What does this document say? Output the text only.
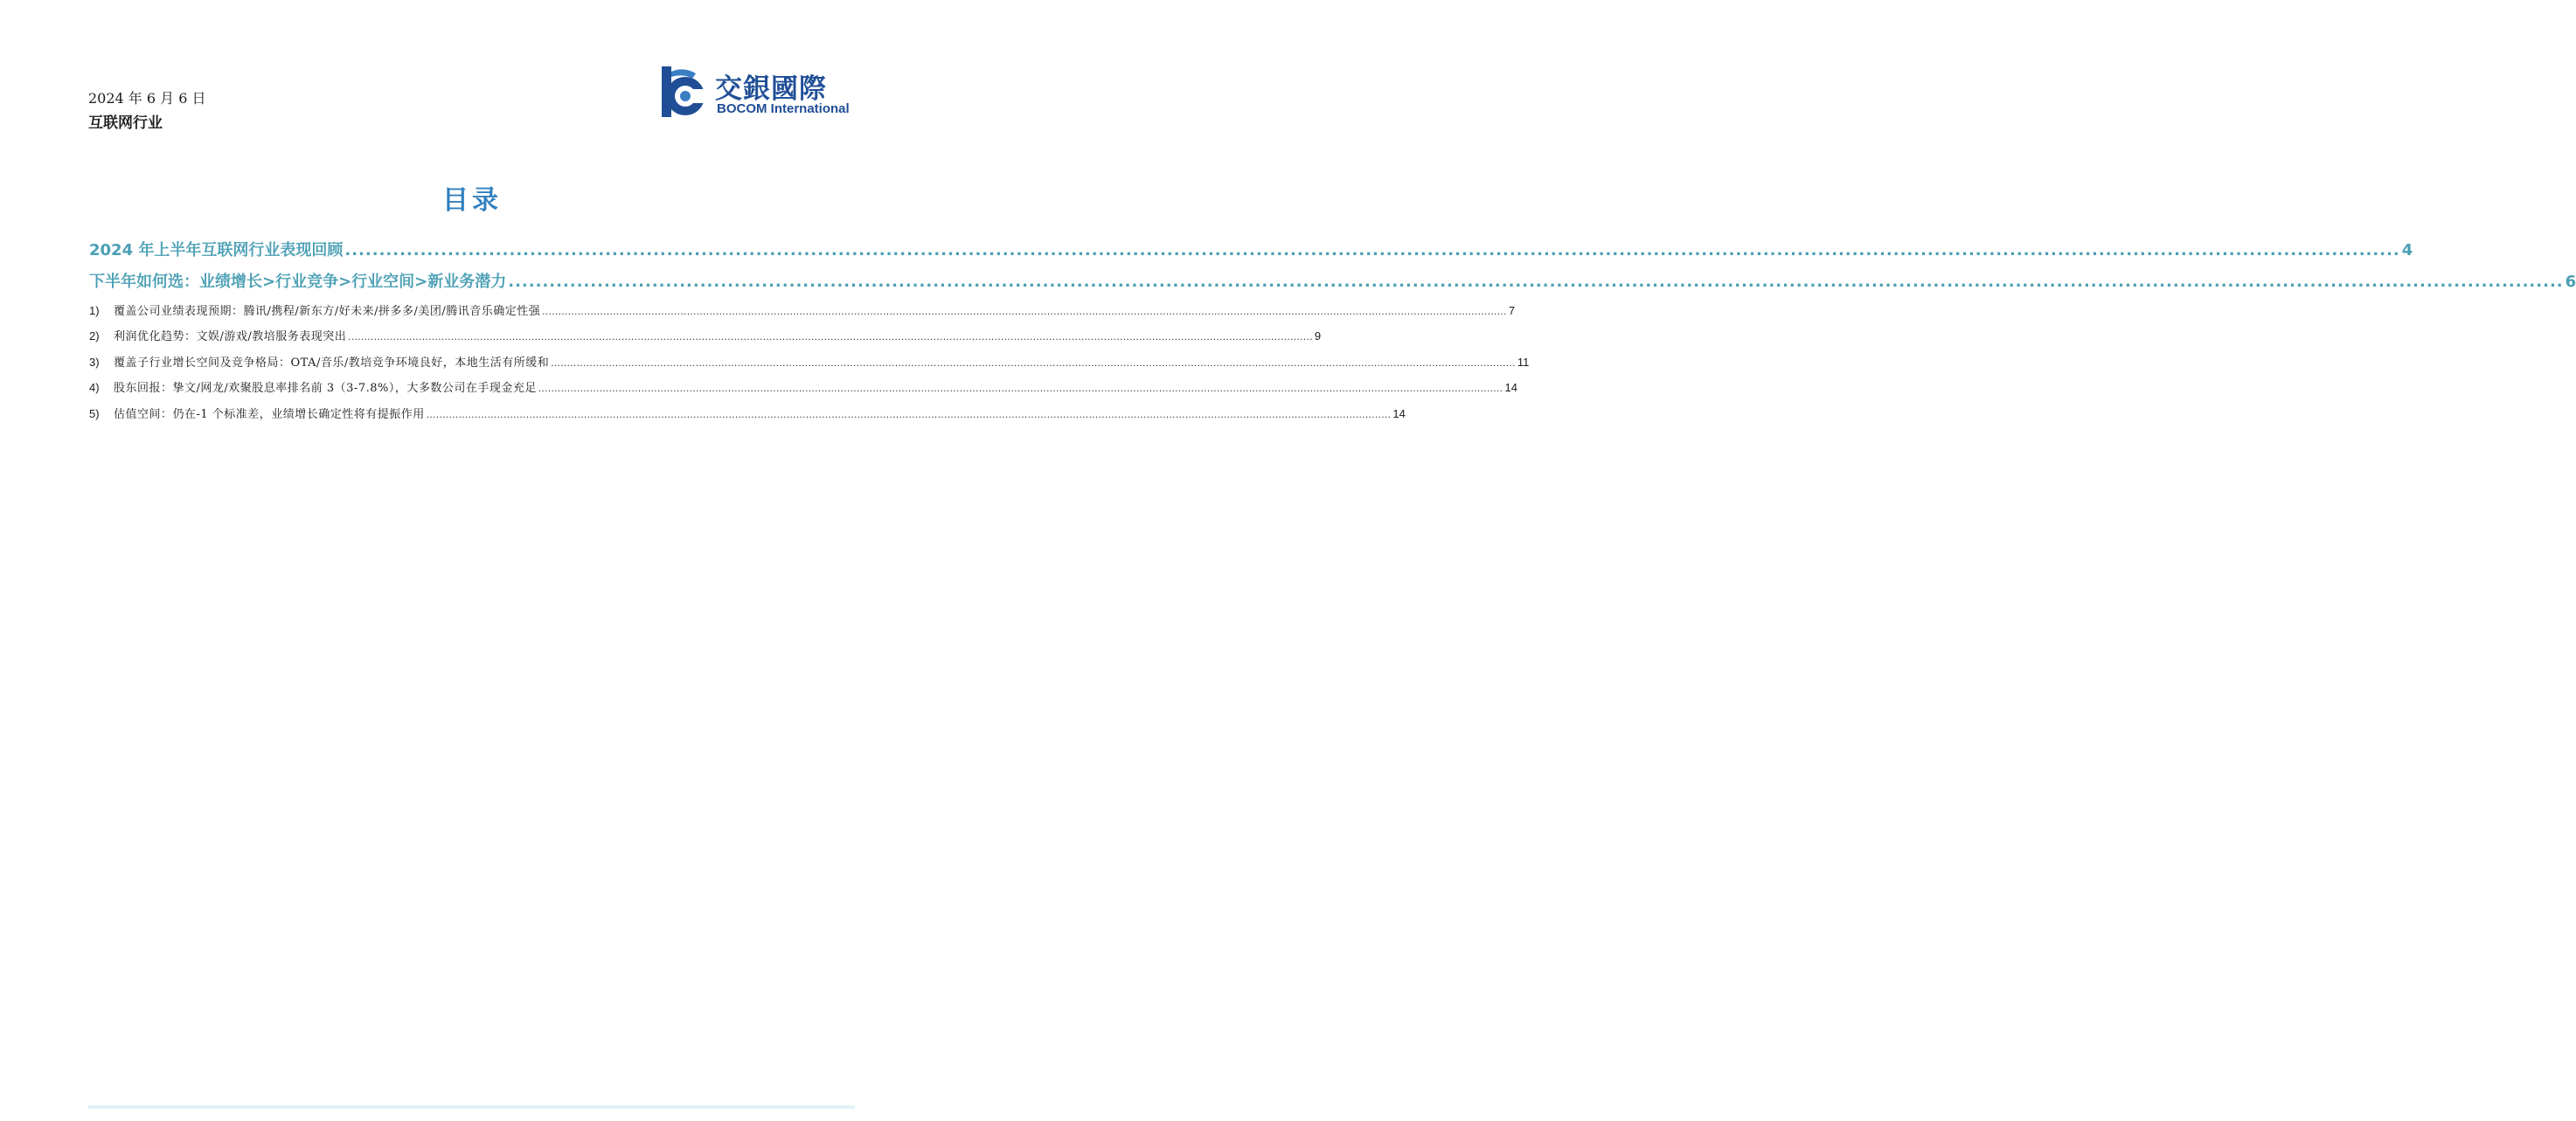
2024 年 6 月 6 日
互联网行业
交銀國際
BOCOM International
目录
2024 年上半年互联网行业表现回顾 ............................................................................................................................................................................................................................................................................................................ 4
下半年如何选：业绩增长>行业竞争>行业空间>新业务潜力 ............................................................................................................................................................................................................................................................................................................ 6
1)	覆盖公司业绩表现预期：腾讯/携程/新东方/好未来/拼多多/美团/腾讯音乐确定性强 ............................................................................................................................................................................................................................................................................................................ 7
2)	利润优化趋势：文娱/游戏/教培服务表现突出 ............................................................................................................................................................................................................................................................................................................ 9
3)	覆盖子行业增长空间及竞争格局：OTA/音乐/教培竞争环境良好，本地生活有所缓和 ............................................................................................................................................................................................................................................................................................................ 11
4)	股东回报：挚文/网龙/欢聚股息率排名前 3（3-7.8%），大多数公司在手现金充足 ............................................................................................................................................................................................................................................................................................................ 14
5)	估值空间：仍在-1 个标准差，业绩增长确定性将有提振作用 ............................................................................................................................................................................................................................................................................................................ 14
